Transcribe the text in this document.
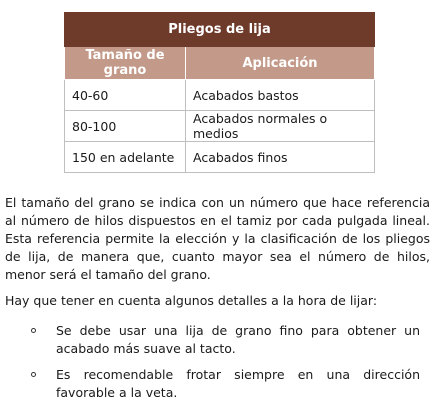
Pliegos de lija	
Tamaño de grano	Aplicación
40-60	Acabados bastos
80-100	Acabados normales o medios
150 en adelante	Acabados finos

El tamaño del grano se indica con un número que hace referencia al número de hilos dispuestos en el tamiz por cada pulgada lineal. Esta referencia permite la elección y la clasificación de los pliegos de lija, de manera que, cuanto mayor sea el número de hilos, menor será el tamaño del grano.

Hay que tener en cuenta algunos detalles a la hora de lijar:

Se debe usar una lija de grano fino para obtener un acabado más suave al tacto.
Es recomendable frotar siempre en una dirección favorable a la veta.
